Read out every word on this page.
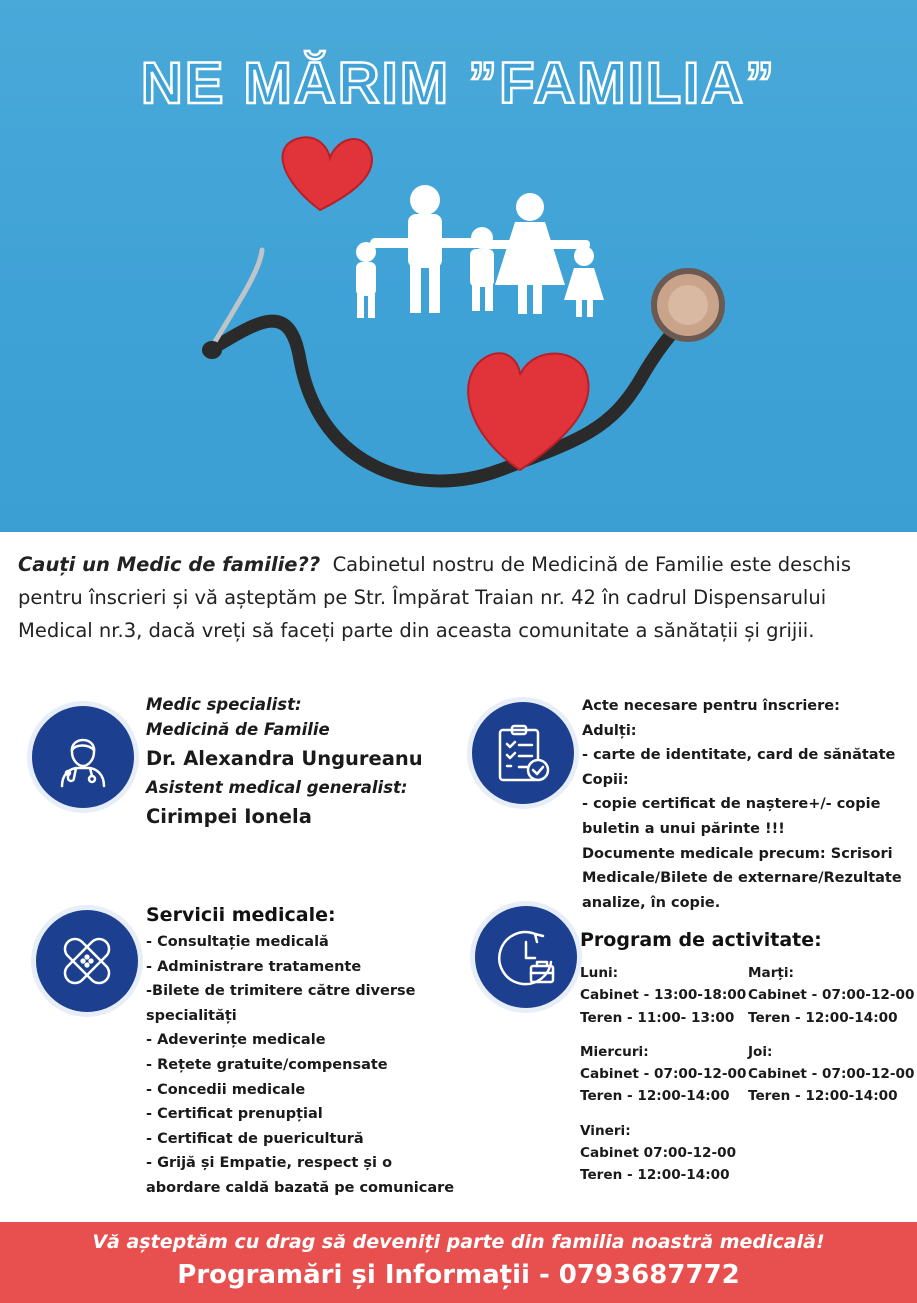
NE MĂRIM ”FAMILIA”
Cauți un Medic de familie?? Cabinetul nostru de Medicină de Familie este deschis pentru înscrieri și vă așteptăm pe Str. Împărat Traian nr. 42 în cadrul Dispensarului Medical nr.3, dacă vreți să faceți parte din aceasta comunitate a sănătații și grijii.
Medic specialist:
Medicină de Familie
Dr. Alexandra Ungureanu
Asistent medical generalist:
Cirimpei Ionela
Acte necesare pentru înscriere:
Adulți:
- carte de identitate, card de sănătate
Copii:
- copie certificat de naștere+/- copie
buletin a unui părinte !!!
Documente medicale precum: Scrisori
Medicale/Bilete de externare/Rezultate
analize, în copie.
Servicii medicale:
- Consultație medicală
- Administrare tratamente
-Bilete de trimitere către diverse
specialități
- Adeverințe medicale
- Rețete gratuite/compensate
- Concedii medicale
- Certificat prenupțial
- Certificat de puericultură
- Grijă și Empatie, respect și o
abordare caldă bazată pe comunicare
Program de activitate:
Luni:
Cabinet - 13:00-18:00
Teren - 11:00- 13:00
Marți:
Cabinet - 07:00-12-00
Teren - 12:00-14:00
Miercuri:
Cabinet - 07:00-12-00
Teren - 12:00-14:00
Joi:
Cabinet - 07:00-12-00
Teren - 12:00-14:00
Vineri:
Cabinet 07:00-12-00
Teren - 12:00-14:00
Vă așteptăm cu drag să deveniți parte din familia noastră medicală!
Programări și Informații - 0793687772
